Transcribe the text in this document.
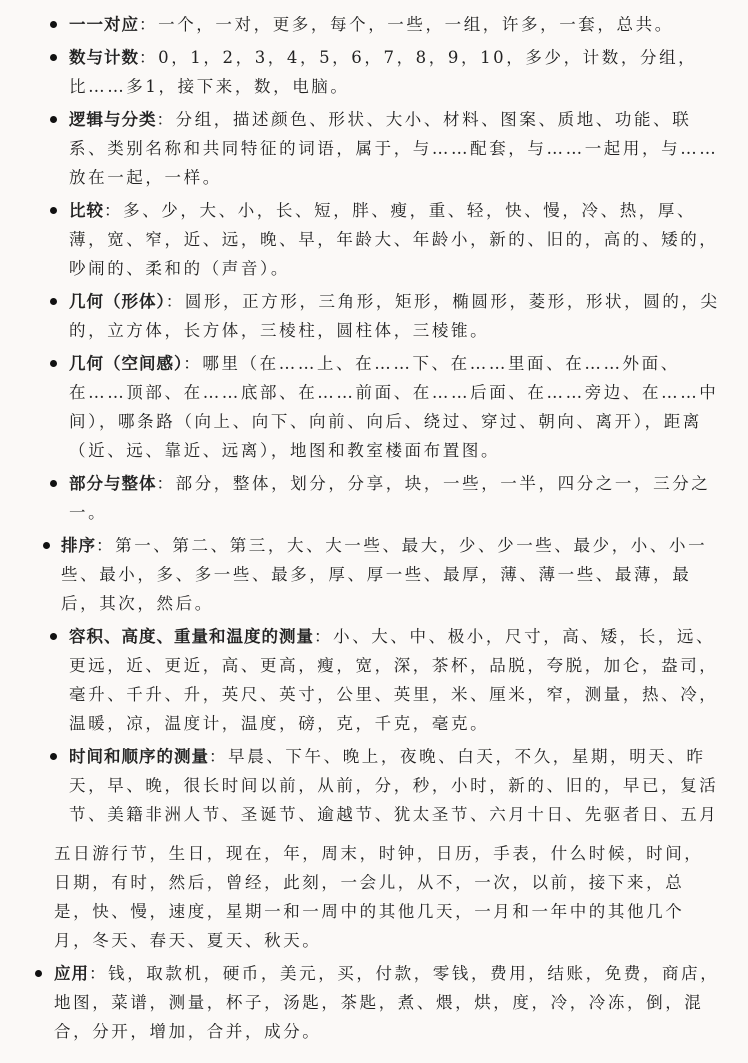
一一对应：一个，一对，更多，每个，一些，一组，许多，一套，总共。
数与计数：0，1，2，3，4，5，6，7，8，9，10，多少，计数，分组，比……多1，接下来，数，电脑。
逻辑与分类：分组，描述颜色、形状、大小、材料、图案、质地、功能、联系、类别名称和共同特征的词语，属于，与……配套，与……一起用，与……放在一起，一样。
比较：多、少，大、小，长、短，胖、瘦，重、轻，快、慢，冷、热，厚、薄，宽、窄，近、远，晚、早，年龄大、年龄小，新的、旧的，高的、矮的，吵闹的、柔和的（声音）。
几何（形体）：圆形，正方形，三角形，矩形，椭圆形，菱形，形状，圆的，尖的，立方体，长方体，三棱柱，圆柱体，三棱锥。
几何（空间感）：哪里（在……上、在……下、在……里面、在……外面、在……顶部、在……底部、在……前面、在……后面、在……旁边、在……中间），哪条路（向上、向下、向前、向后、绕过、穿过、朝向、离开），距离（近、远、靠近、远离），地图和教室楼面布置图。
部分与整体：部分，整体，划分，分享，块，一些，一半，四分之一，三分之一。
排序：第一、第二、第三，大、大一些、最大，少、少一些、最少，小、小一些、最小，多、多一些、最多，厚、厚一些、最厚，薄、薄一些、最薄，最后，其次，然后。
容积、高度、重量和温度的测量：小、大、中、极小，尺寸，高、矮，长，远、更远，近、更近，高、更高，瘦，宽，深，茶杯，品脱，夸脱，加仑，盎司，毫升、千升、升，英尺、英寸，公里、英里，米、厘米，窄，测量，热、冷，温暖，凉，温度计，温度，磅，克，千克，毫克。
时间和顺序的测量：早晨、下午、晚上，夜晚、白天，不久，星期，明天、昨天，早、晚，很长时间以前，从前，分，秒，小时，新的、旧的，早已，复活节、美籍非洲人节、圣诞节、逾越节、犹太圣节、六月十日、先驱者日、五月
五日游行节，生日，现在，年，周末，时钟，日历，手表，什么时候，时间，日期，有时，然后，曾经，此刻，一会儿，从不，一次，以前，接下来，总是，快、慢，速度，星期一和一周中的其他几天，一月和一年中的其他几个月，冬天、春天、夏天、秋天。
应用：钱，取款机，硬币，美元，买，付款，零钱，费用，结账，免费，商店，地图，菜谱，测量，杯子，汤匙，茶匙，煮、煨，烘，度，冷，冷冻，倒，混合，分开，增加，合并，成分。
